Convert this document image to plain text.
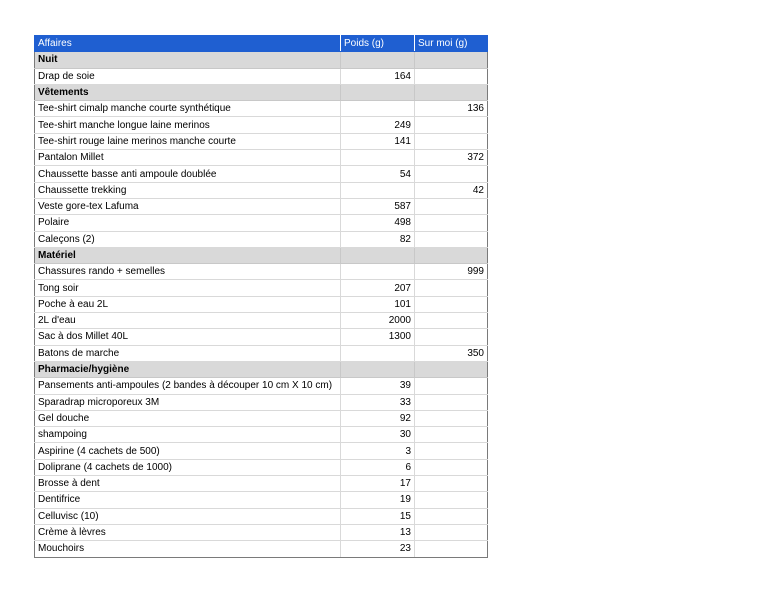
Affaires	Poids (g)	Sur moi (g)
Nuit		
Drap de soie	164	
Vêtements		
Tee-shirt cimalp manche courte synthétique		136
Tee-shirt manche longue laine merinos	249	
Tee-shirt rouge laine merinos manche courte	141	
Pantalon Millet		372
Chaussette basse anti ampoule doublée	54	
Chaussette trekking		42
Veste gore-tex Lafuma	587	
Polaire	498	
Caleçons (2)	82	
Matériel		
Chassures rando + semelles		999
Tong soir	207	
Poche à eau 2L	101	
2L d'eau	2000	
Sac à dos Millet 40L	1300	
Batons de marche		350
Pharmacie/hygiène		
Pansements anti-ampoules (2 bandes à découper 10 cm X 10 cm)	39	
Sparadrap microporeux 3M	33	
Gel douche	92	
shampoing	30	
Aspirine (4 cachets de 500)	3	
Doliprane (4 cachets de 1000)	6	
Brosse à dent	17	
Dentifrice	19	
Celluvisc (10)	15	
Crème à lèvres	13	
Mouchoirs	23	
